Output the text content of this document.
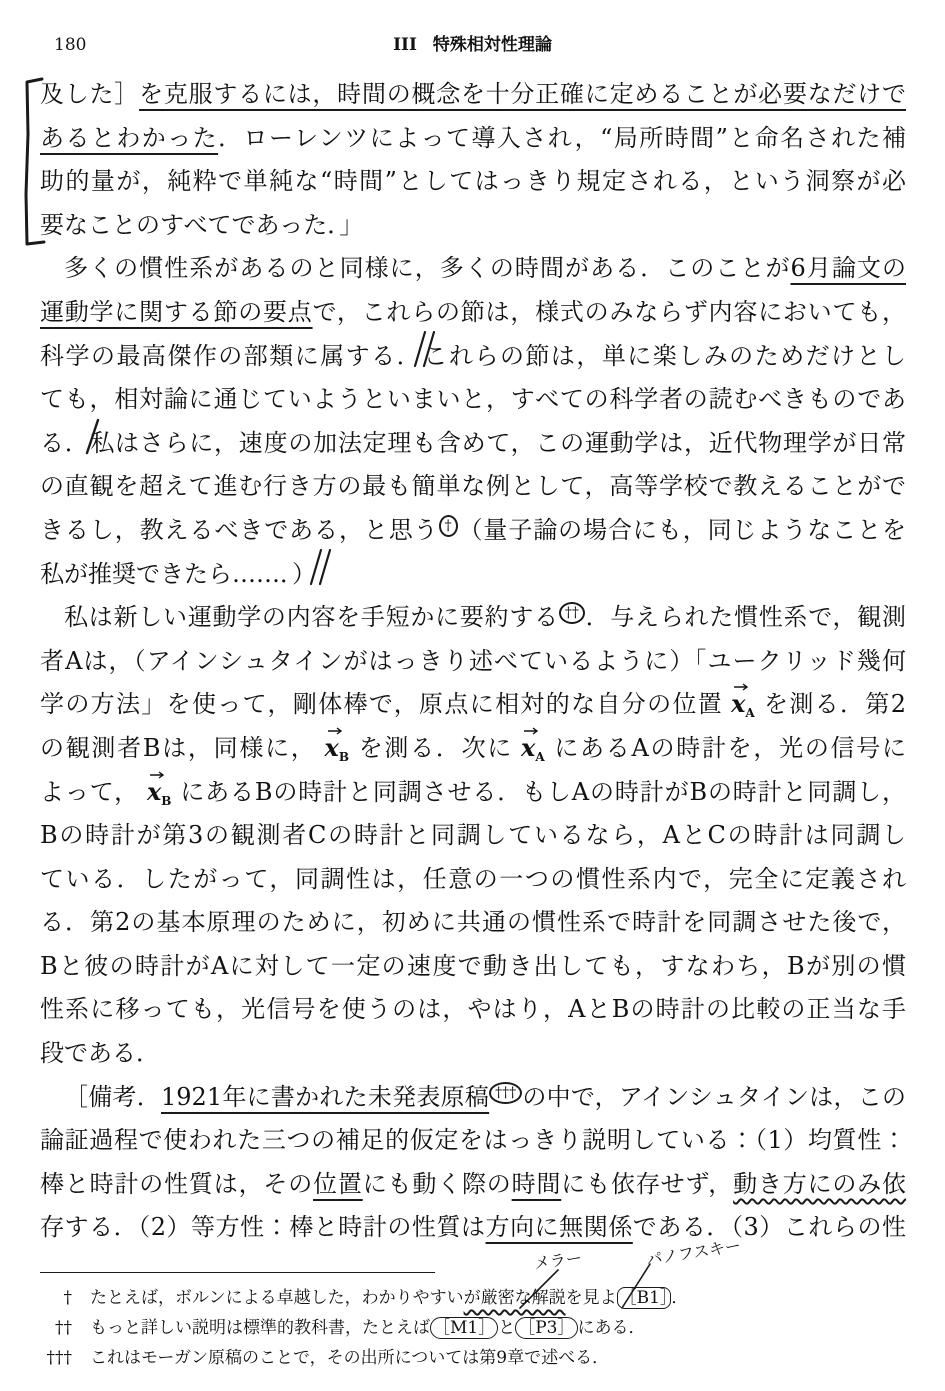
180	III 特殊相対性理論
及した］を克服するには，時間の概念を十分正確に定めることが必要なだけで
あるとわかった．ローレンツによって導入され，“局所時間”と命名された補
助的量が，純粋で単純な“時間”としてはっきり規定される，という洞察が必
要なことのすべてであった．」
多くの慣性系があるのと同様に，多くの時間がある．このことが6月論文の
運動学に関する節の要点で，これらの節は，様式のみならず内容においても，
科学の最高傑作の部類に属する．
これらの節は，単に楽しみのためだけとし
ても，相対論に通じていようといまいと，すべての科学者の読むべきものであ
る．
私はさらに，速度の加法定理も含めて，この運動学は，近代物理学が日常
の直観を超えて進む行き方の最も簡単な例として，高等学校で教えることがで
きるし，教えるべきである，と思う † （量子論の場合にも，同じようなことを
私が推奨できたら……．）
私は新しい運動学の内容を手短かに要約する †† ．与えられた慣性系で，観測
者Aは，（アインシュタインがはっきり述べているように）「ユークリッド幾何
学の方法」を使って，剛体棒で，原点に相対的な自分の位置 $x_A$ を測る．第2
の観測者Bは，同様に， $x_B$ を測る．次に $x_A$ にあるAの時計を，光の信号に
よって， $x_B$ にあるBの時計と同調させる．もしAの時計がBの時計と同調し，
Bの時計が第3の観測者Cの時計と同調しているなら，AとCの時計は同調し
ている．したがって，同調性は，任意の一つの慣性系内で，完全に定義され
る．第2の基本原理のために，初めに共通の慣性系で時計を同調させた後で，
Bと彼の時計がAに対して一定の速度で動き出しても，すなわち，Bが別の慣
性系に移っても，光信号を使うのは，やはり，AとBの時計の比較の正当な手
段である．
［備考．1921年に書かれた未発表原稿 ††† の中で，アインシュタインは，この
論証過程で使われた三つの補足的仮定をはっきり説明している：（1）均質性：
棒と時計の性質は，その位置にも動く際の時間にも依存せず，動き方にのみ依
存する．（2）等方性：棒と時計の性質は方向に無関係である．（3）これらの性
メラー	パノフスキー
† たとえば，ボルンによる卓越した，わかりやすいが厳密な解説を見よ ［B1］ ．
†† もっと詳しい説明は標準的教科書，たとえば ［M1］ と ［P3］ にある．
††† これはモーガン原稿のことで，その出所については第9章で述べる．
